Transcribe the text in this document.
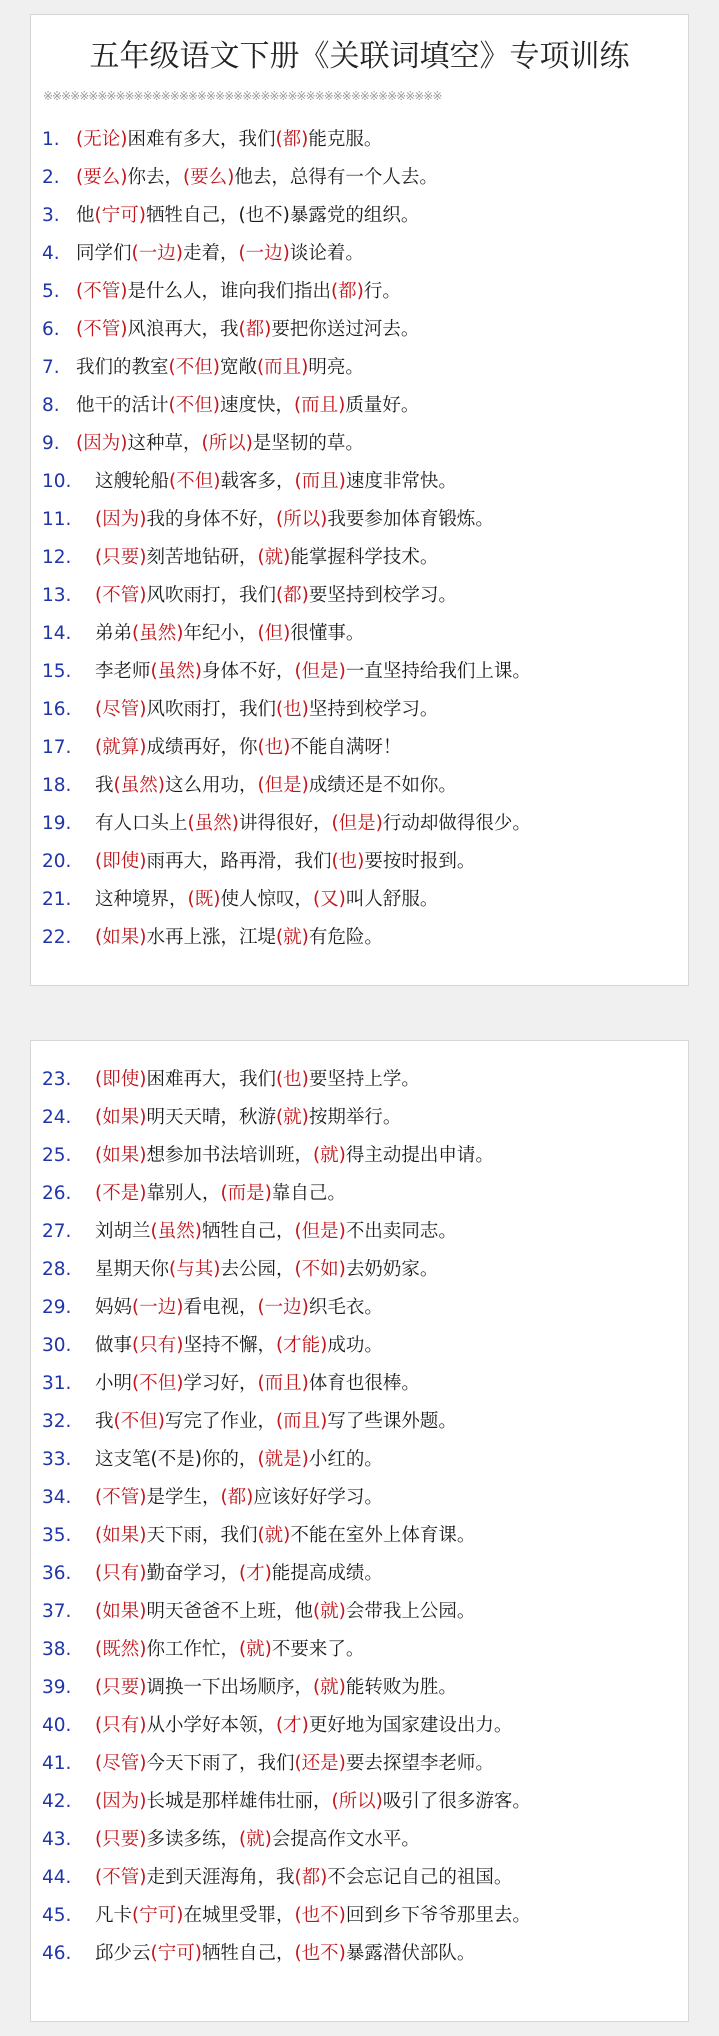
五年级语文下册《关联词填空》专项训练
※※※※※※※※※※※※※※※※※※※※※※※※※※※※※※※※※※※※※※※※※※※※
1. (无论)困难有多大，我们(都)能克服。
2. (要么)你去，(要么)他去，总得有一个人去。
3. 他(宁可)牺牲自己，(也不)暴露党的组织。
4. 同学们(一边)走着，(一边)谈论着。
5. (不管)是什么人，谁向我们指出(都)行。
6. (不管)风浪再大，我(都)要把你送过河去。
7. 我们的教室(不但)宽敞(而且)明亮。
8. 他干的活计(不但)速度快，(而且)质量好。
9. (因为)这种草，(所以)是坚韧的草。
10. 这艘轮船(不但)载客多，(而且)速度非常快。
11. (因为)我的身体不好，(所以)我要参加体育锻炼。
12. (只要)刻苦地钻研，(就)能掌握科学技术。
13. (不管)风吹雨打，我们(都)要坚持到校学习。
14. 弟弟(虽然)年纪小，(但)很懂事。
15. 李老师(虽然)身体不好，(但是)一直坚持给我们上课。
16. (尽管)风吹雨打，我们(也)坚持到校学习。
17. (就算)成绩再好，你(也)不能自满呀！
18. 我(虽然)这么用功，(但是)成绩还是不如你。
19. 有人口头上(虽然)讲得很好，(但是)行动却做得很少。
20. (即使)雨再大，路再滑，我们(也)要按时报到。
21. 这种境界，(既)使人惊叹，(又)叫人舒服。
22. (如果)水再上涨，江堤(就)有危险。
23. (即使)困难再大，我们(也)要坚持上学。
24. (如果)明天天晴，秋游(就)按期举行。
25. (如果)想参加书法培训班，(就)得主动提出申请。
26. (不是)靠别人，(而是)靠自己。
27. 刘胡兰(虽然)牺牲自己，(但是)不出卖同志。
28. 星期天你(与其)去公园，(不如)去奶奶家。
29. 妈妈(一边)看电视，(一边)织毛衣。
30. 做事(只有)坚持不懈，(才能)成功。
31. 小明(不但)学习好，(而且)体育也很棒。
32. 我(不但)写完了作业，(而且)写了些课外题。
33. 这支笔(不是)你的，(就是)小红的。
34. (不管)是学生，(都)应该好好学习。
35. (如果)天下雨，我们(就)不能在室外上体育课。
36. (只有)勤奋学习，(才)能提高成绩。
37. (如果)明天爸爸不上班，他(就)会带我上公园。
38. (既然)你工作忙，(就)不要来了。
39. (只要)调换一下出场顺序，(就)能转败为胜。
40. (只有)从小学好本领，(才)更好地为国家建设出力。
41. (尽管)今天下雨了，我们(还是)要去探望李老师。
42. (因为)长城是那样雄伟壮丽，(所以)吸引了很多游客。
43. (只要)多读多练，(就)会提高作文水平。
44. (不管)走到天涯海角，我(都)不会忘记自己的祖国。
45. 凡卡(宁可)在城里受罪，(也不)回到乡下爷爷那里去。
46. 邱少云(宁可)牺牲自己，(也不)暴露潜伏部队。
